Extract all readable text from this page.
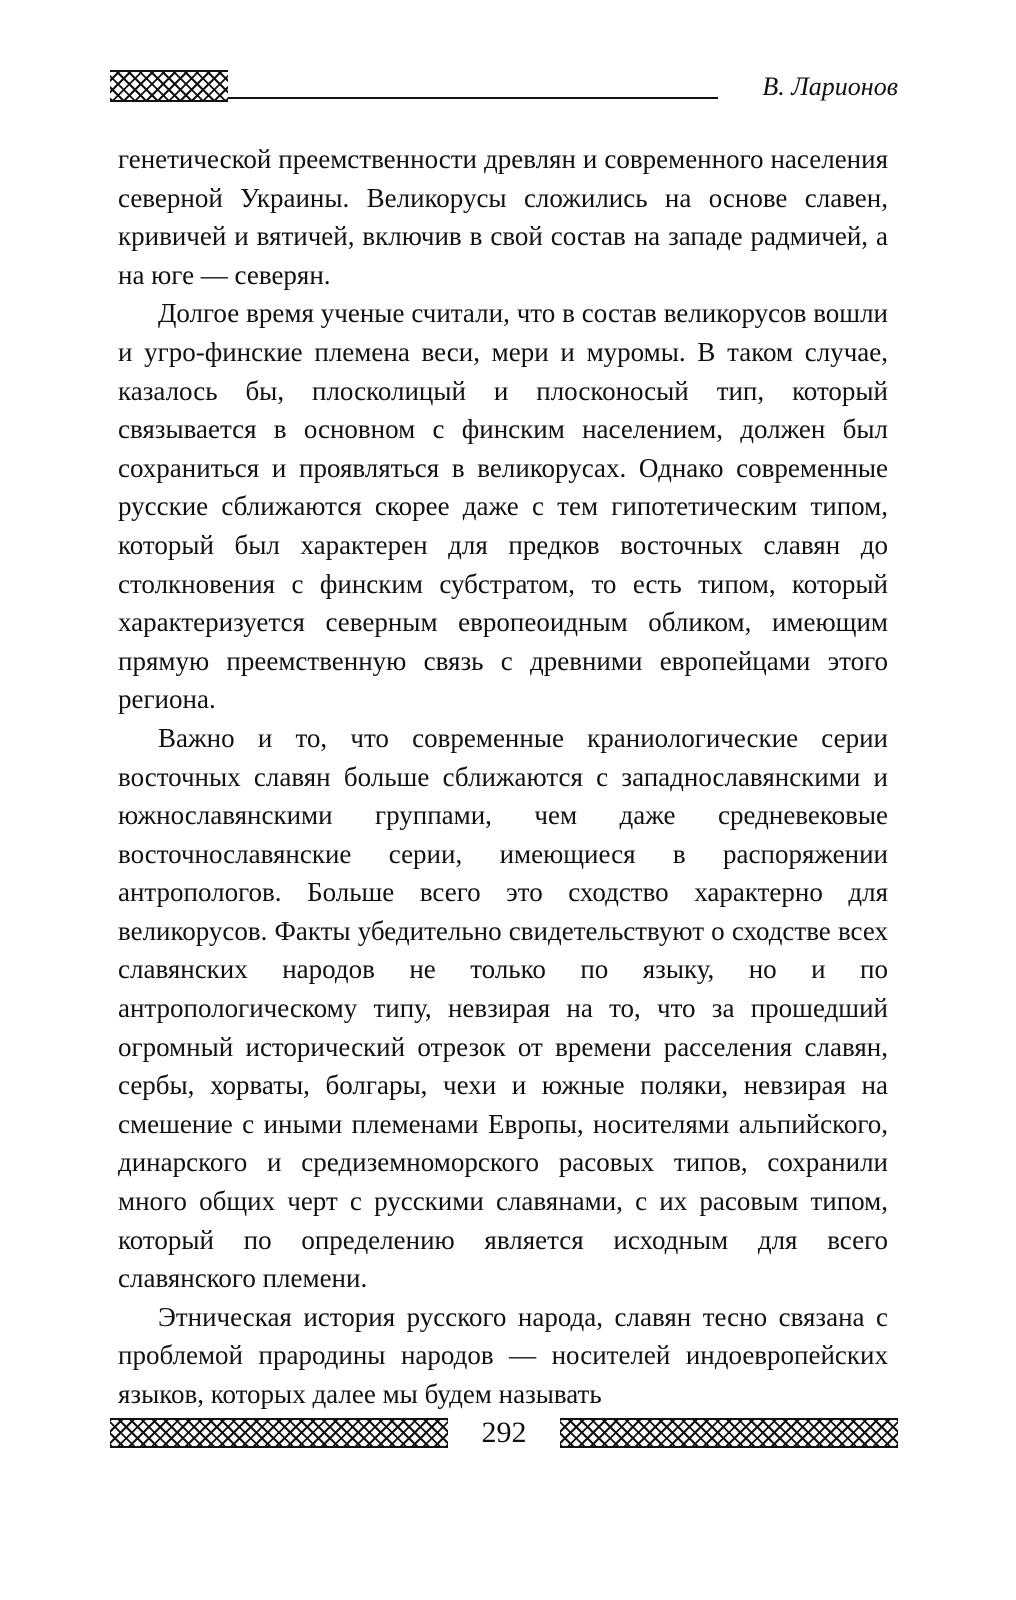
В. Ларионов

генетической преемственности древлян и современного населения северной Украины. Великорусы сложились на основе славен, кривичей и вятичей, включив в свой состав на западе радмичей, а на юге — северян.

Долгое время ученые считали, что в состав великорусов вошли и угро-финские племена веси, мери и муромы. В таком случае, казалось бы, плосколицый и плосконосый тип, который связывается в основном с финским населением, должен был сохраниться и проявляться в великорусах. Однако современные русские сближаются скорее даже с тем гипотетическим типом, который был характерен для предков восточных славян до столкновения с финским субстратом, то есть типом, который характеризуется северным европеоидным обликом, имеющим прямую преемственную связь с древними европейцами этого региона.

Важно и то, что современные краниологические серии восточных славян больше сближаются с западнославянскими и южнославянскими группами, чем даже средневековые восточнославянские серии, имеющиеся в распоряжении антропологов. Больше всего это сходство характерно для великорусов. Факты убедительно свидетельствуют о сходстве всех славянских народов не только по языку, но и по антропологическому типу, невзирая на то, что за прошедший огромный исторический отрезок от времени расселения славян, сербы, хорваты, болгары, чехи и южные поляки, невзирая на смешение с иными племенами Европы, носителями альпийского, динарского и средиземноморского расовых типов, сохранили много общих черт с русскими славянами, с их расовым типом, который по определению является исходным для всего славянского племени.

Этническая история русского народа, славян тесно связана с проблемой прародины народов — носителей индоевропейских языков, которых далее мы будем называть

292
